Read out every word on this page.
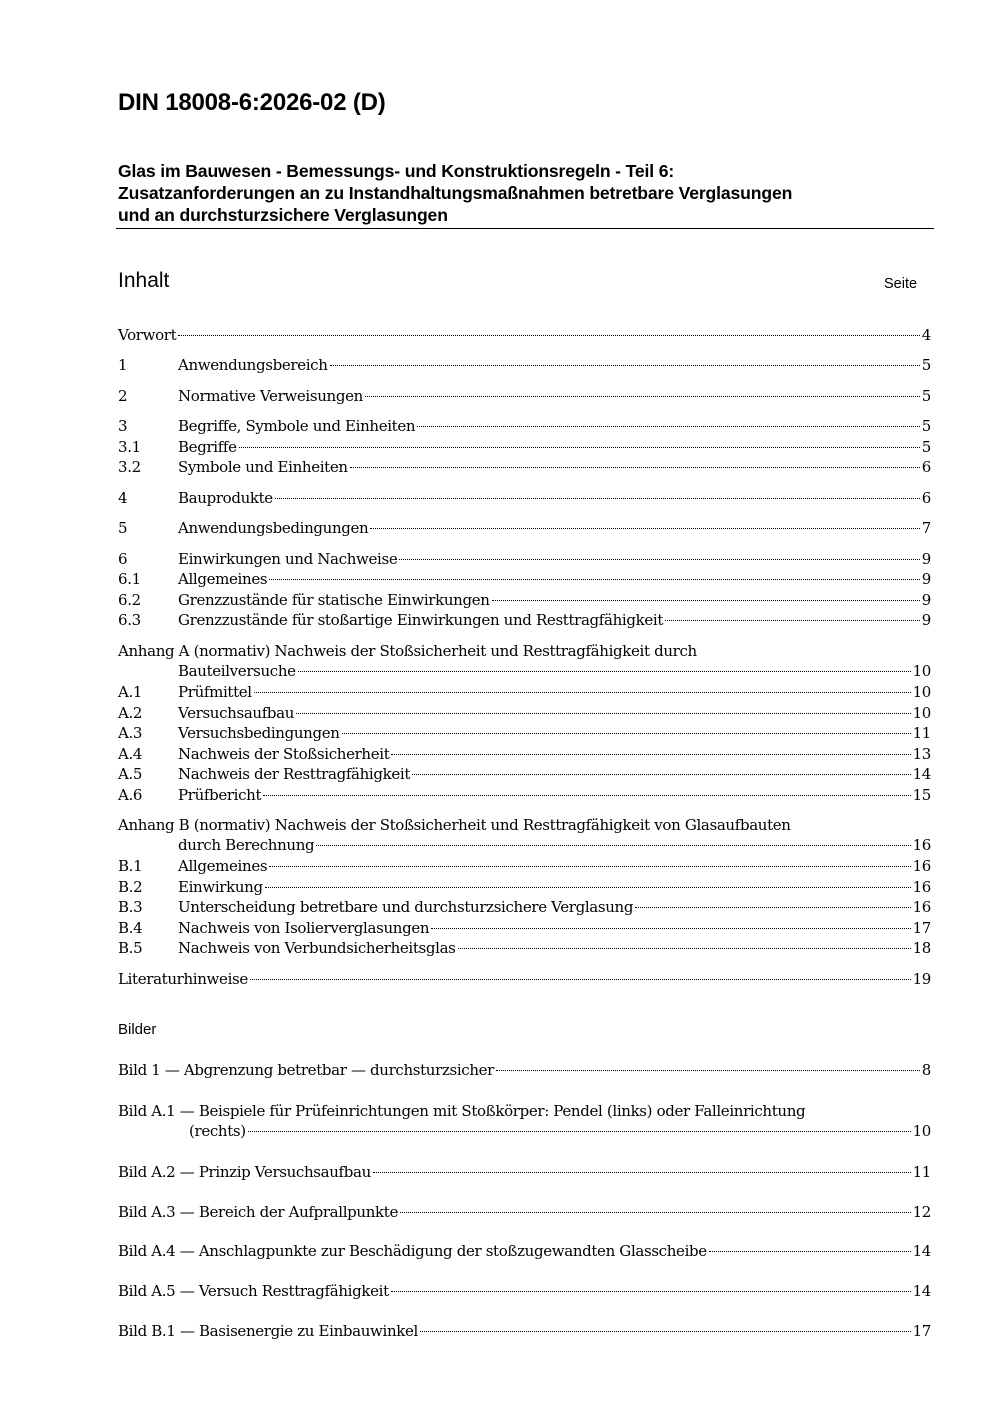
DIN 18008-6:2026-02 (D)
Glas im Bauwesen - Bemessungs- und Konstruktionsregeln - Teil 6:
Zusatzanforderungen an zu Instandhaltungsmaßnahmen betretbare Verglasungen
und an durchsturzsichere Verglasungen
Inhalt	Seite
Vorwort	4
1	Anwendungsbereich	5
2	Normative Verweisungen	5
3	Begriffe, Symbole und Einheiten	5
3.1	Begriffe	5
3.2	Symbole und Einheiten	6
4	Bauprodukte	6
5	Anwendungsbedingungen	7
6	Einwirkungen und Nachweise	9
6.1	Allgemeines	9
6.2	Grenzzustände für statische Einwirkungen	9
6.3	Grenzzustände für stoßartige Einwirkungen und Resttragfähigkeit	9
Anhang A (normativ) Nachweis der Stoßsicherheit und Resttragfähigkeit durch
Bauteilversuche	10
A.1	Prüfmittel	10
A.2	Versuchsaufbau	10
A.3	Versuchsbedingungen	11
A.4	Nachweis der Stoßsicherheit	13
A.5	Nachweis der Resttragfähigkeit	14
A.6	Prüfbericht	15
Anhang B (normativ) Nachweis der Stoßsicherheit und Resttragfähigkeit von Glasaufbauten
durch Berechnung	16
B.1	Allgemeines	16
B.2	Einwirkung	16
B.3	Unterscheidung betretbare und durchsturzsichere Verglasung	16
B.4	Nachweis von Isolierverglasungen	17
B.5	Nachweis von Verbundsicherheitsglas	18
Literaturhinweise	19
Bilder
Bild 1 — Abgrenzung betretbar — durchsturzsicher	8
Bild A.1 — Beispiele für Prüfeinrichtungen mit Stoßkörper: Pendel (links) oder Falleinrichtung
(rechts)	10
Bild A.2 — Prinzip Versuchsaufbau	11
Bild A.3 — Bereich der Aufprallpunkte	12
Bild A.4 — Anschlagpunkte zur Beschädigung der stoßzugewandten Glasscheibe	14
Bild A.5 — Versuch Resttragfähigkeit	14
Bild B.1 — Basisenergie zu Einbauwinkel	17
